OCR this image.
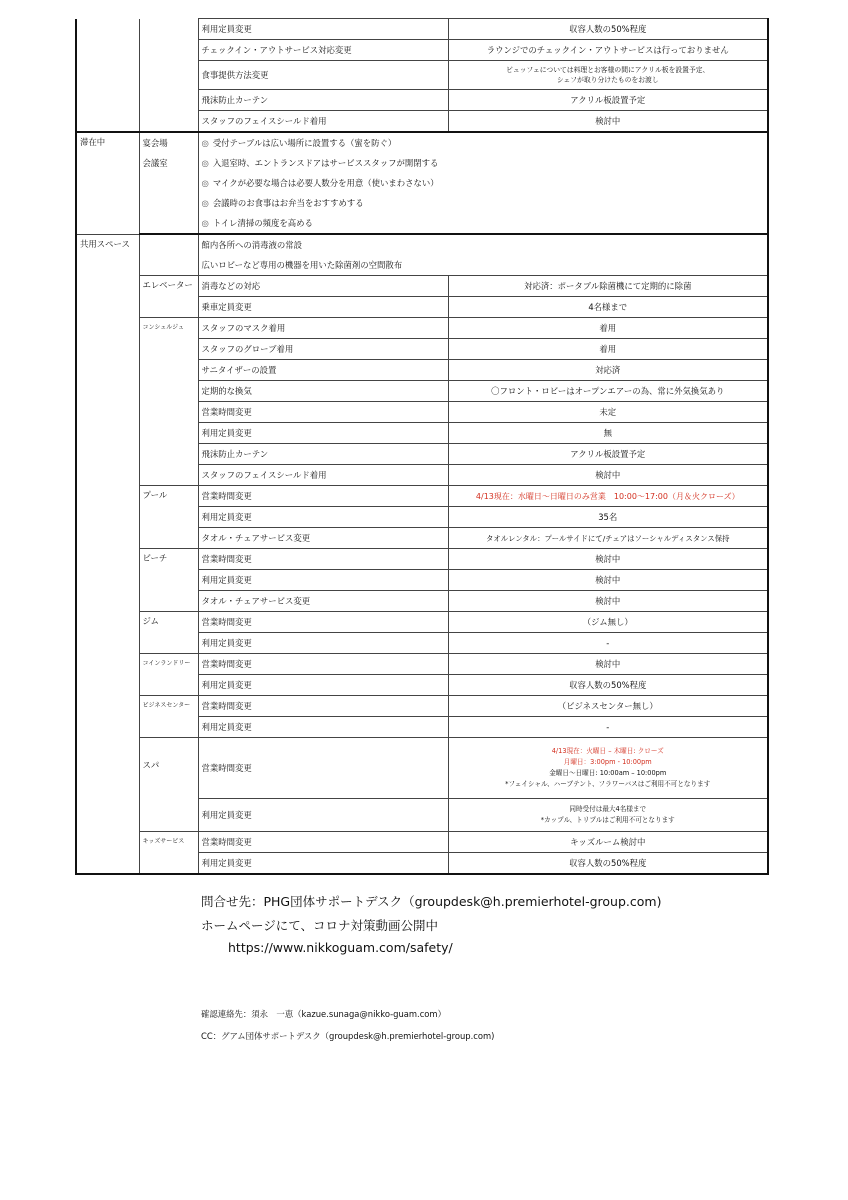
		利用定員変更	収容人数の50%程度
		チェックイン・アウトサービス対応変更	ラウンジでのチェックイン・アウトサービスは行っておりません
		食事提供方法変更	ビュッフェについては料理とお客様の間にアクリル板を設置予定、
シェフが取り分けたものをお渡し

		飛沫防止カーテン	アクリル板設置予定
		スタッフのフェイスシールド着用	検討中
滞在中	宴会場	◎ 受付テーブルは広い場所に設置する（蜜を防ぐ）	
	会議室	◎ 入退室時、エントランスドアはサービススタッフが開閉する	
		◎ マイクが必要な場合は必要人数分を用意（使いまわさない）	
		◎ 会議時のお食事はお弁当をおすすめする	
		◎ トイレ清掃の頻度を高める	
共用スペース		館内各所への消毒液の常設	
		広いロビーなど専用の機器を用いた除菌剤の空間散布	
	エレベーター	消毒などの対応	対応済：ポータブル除菌機にて定期的に除菌
		乗車定員変更	4名様まで
	コンシェルジュ	スタッフのマスク着用	着用
		スタッフのグローブ着用	着用
		サニタイザーの設置	対応済
		定期的な換気	〇フロント・ロビーはオープンエアーの為、常に外気換気あり
		営業時間変更	未定
		利用定員変更	無
		飛沫防止カーテン	アクリル板設置予定
		スタッフのフェイスシールド着用	検討中
	プール	営業時間変更	4/13現在：水曜日～日曜日のみ営業　10:00～17:00（月＆火クローズ）
		利用定員変更	35名
		タオル・チェアサービス変更	タオルレンタル：プールサイドにて/チェアはソーシャルディスタンス保持
	ビーチ	営業時間変更	検討中
		利用定員変更	検討中
		タオル・チェアサービス変更	検討中
	ジム	営業時間変更	（ジム無し）
		利用定員変更	-
	コインランドリー	営業時間変更	検討中
		利用定員変更	収容人数の50%程度
	ビジネスセンター	営業時間変更	（ビジネスセンター無し）
		利用定員変更	-
	スパ	営業時間変更	4/13現在：火曜日 – 木曜日: クローズ
月曜日：3:00pm - 10:00pm
金曜日～日曜日: 10:00am – 10:00pm
*フェイシャル、ハーブテント、フラワーバスはご利用不可となります

		利用定員変更	同時受付は最大4名様まで
*カップル、トリプルはご利用不可となります

	キッズサービス	営業時間変更	キッズルーム検討中
		利用定員変更	収容人数の50%程度
問合せ先：PHG団体サポートデスク（groupdesk@h.premierhotel-group.com)
ホームページにて、コロナ対策動画公開中
https://www.nikkoguam.com/safety/
確認連絡先：須永　一恵（kazue.sunaga@nikko-guam.com）
CC：グアム団体サポートデスク（groupdesk@h.premierhotel-group.com)
